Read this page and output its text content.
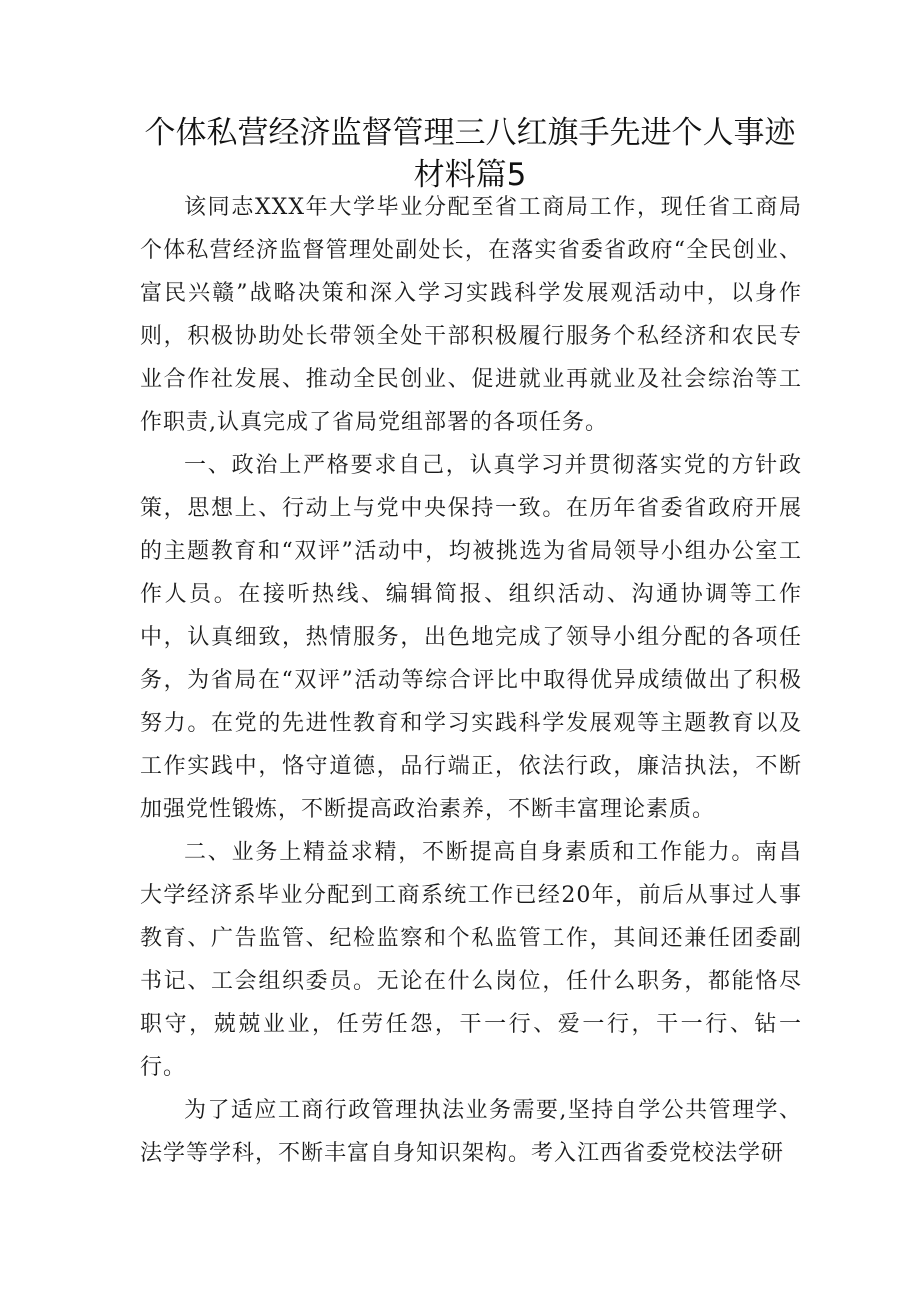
个体私营经济监督管理三八红旗手先进个人事迹材料篇5

该同志XXX年大学毕业分配至省工商局工作，现任省工商局个体私营经济监督管理处副处长，在落实省委省政府“全民创业、富民兴赣”战略决策和深入学习实践科学发展观活动中，以身作则，积极协助处长带领全处干部积极履行服务个私经济和农民专业合作社发展、推动全民创业、促进就业再就业及社会综治等工作职责,认真完成了省局党组部署的各项任务。

一、政治上严格要求自己，认真学习并贯彻落实党的方针政策，思想上、行动上与党中央保持一致。在历年省委省政府开展的主题教育和“双评”活动中，均被挑选为省局领导小组办公室工作人员。在接听热线、编辑简报、组织活动、沟通协调等工作中，认真细致，热情服务，出色地完成了领导小组分配的各项任务，为省局在“双评”活动等综合评比中取得优异成绩做出了积极努力。在党的先进性教育和学习实践科学发展观等主题教育以及工作实践中，恪守道德，品行端正，依法行政，廉洁执法，不断加强党性锻炼，不断提高政治素养，不断丰富理论素质。

二、业务上精益求精，不断提高自身素质和工作能力。南昌大学经济系毕业分配到工商系统工作已经20年，前后从事过人事教育、广告监管、纪检监察和个私监管工作，其间还兼任团委副书记、工会组织委员。无论在什么岗位，任什么职务，都能恪尽职守，兢兢业业，任劳任怨，干一行、爱一行，干一行、钻一行。

为了适应工商行政管理执法业务需要,坚持自学公共管理学、法学等学科，不断丰富自身知识架构。考入江西省委党校法学研
